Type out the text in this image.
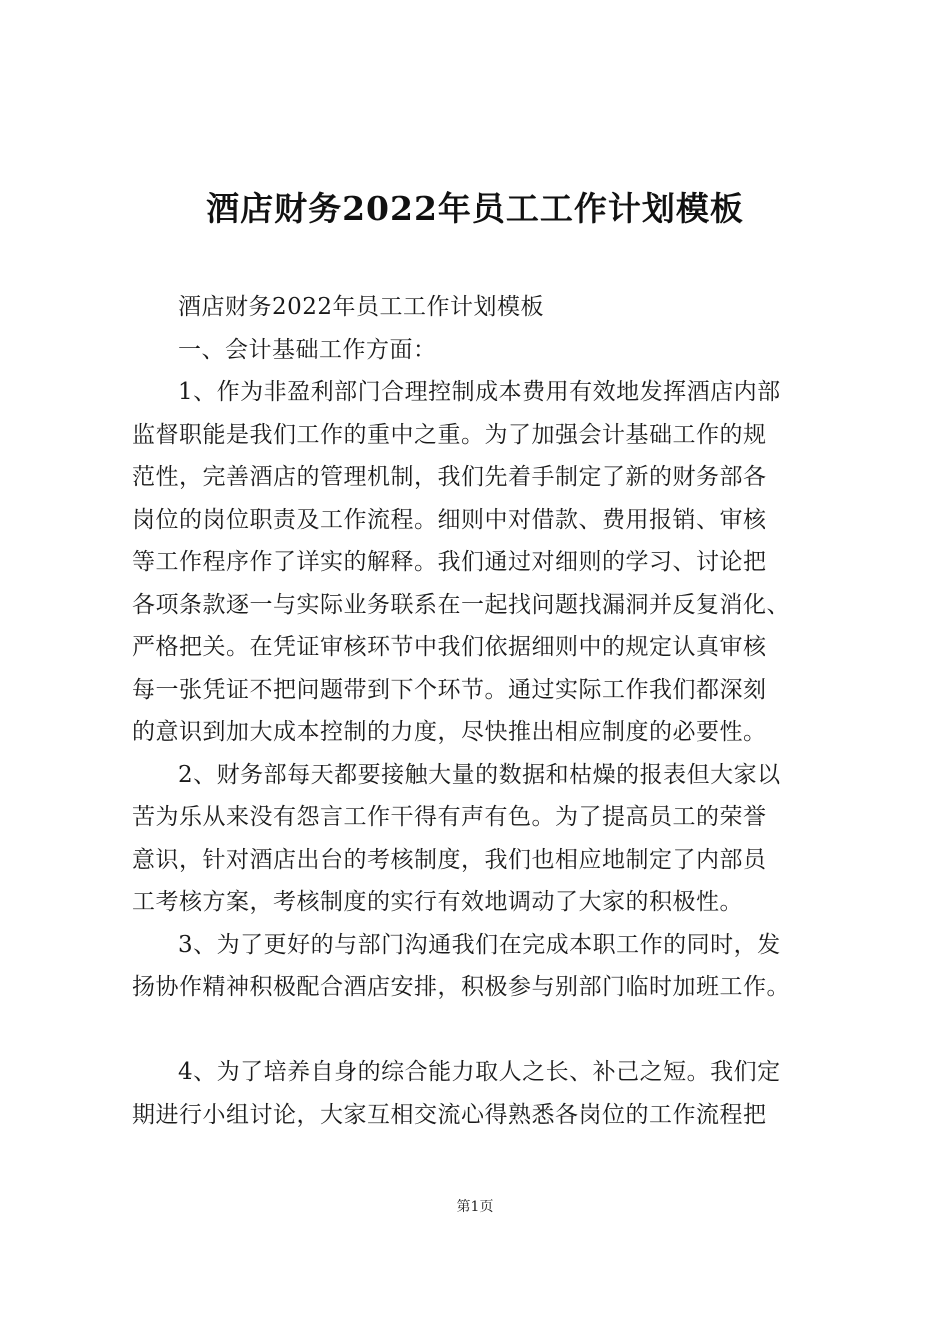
酒店财务2022年员工工作计划模板
酒店财务2022年员工工作计划模板
一、会计基础工作方面：
1、作为非盈利部门合理控制成本费用有效地发挥酒店内部
监督职能是我们工作的重中之重。为了加强会计基础工作的规
范性，完善酒店的管理机制，我们先着手制定了新的财务部各
岗位的岗位职责及工作流程。细则中对借款、费用报销、审核
等工作程序作了详实的解释。我们通过对细则的学习、讨论把
各项条款逐一与实际业务联系在一起找问题找漏洞并反复消化、
严格把关。在凭证审核环节中我们依据细则中的规定认真审核
每一张凭证不把问题带到下个环节。通过实际工作我们都深刻
的意识到加大成本控制的力度，尽快推出相应制度的必要性。
2、财务部每天都要接触大量的数据和枯燥的报表但大家以
苦为乐从来没有怨言工作干得有声有色。为了提高员工的荣誉
意识，针对酒店出台的考核制度，我们也相应地制定了内部员
工考核方案，考核制度的实行有效地调动了大家的积极性。
3、为了更好的与部门沟通我们在完成本职工作的同时，发
扬协作精神积极配合酒店安排，积极参与别部门临时加班工作。
4、为了培养自身的综合能力取人之长、补己之短。我们定
期进行小组讨论，大家互相交流心得熟悉各岗位的工作流程把
第1页
